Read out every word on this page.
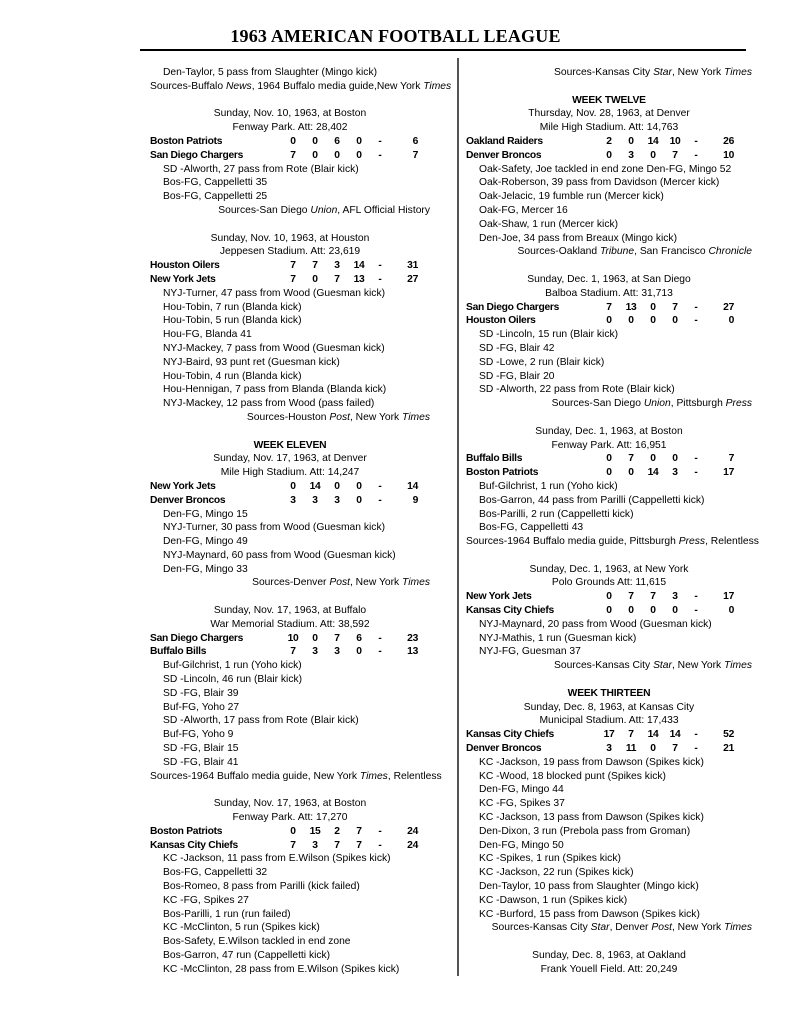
1963 AMERICAN FOOTBALL LEAGUE
Den-Taylor, 5 pass from Slaughter (Mingo kick)
Sources-Buffalo News, 1964 Buffalo media guide,New York Times
Sunday, Nov. 10, 1963, at Boston
Fenway Park. Att: 28,402
Boston Patriots	0	0	6	0	-	6
San Diego Chargers	7	0	0	0	-	7
SD -Alworth, 27 pass from Rote (Blair kick)
Bos-FG, Cappelletti 35
Bos-FG, Cappelletti 25
Sources-San Diego Union, AFL Official History
Sunday, Nov. 10, 1963, at Houston
Jeppesen Stadium. Att: 23,619
Houston Oilers	7	7	3	14	-	31
New York Jets	7	0	7	13	-	27
NYJ-Turner, 47 pass from Wood (Guesman kick)
Hou-Tobin, 7 run (Blanda kick)
Hou-Tobin, 5 run (Blanda kick)
Hou-FG, Blanda 41
NYJ-Mackey, 7 pass from Wood (Guesman kick)
NYJ-Baird, 93 punt ret (Guesman kick)
Hou-Tobin, 4 run (Blanda kick)
Hou-Hennigan, 7 pass from Blanda (Blanda kick)
NYJ-Mackey, 12 pass from Wood (pass failed)
Sources-Houston Post, New York Times
WEEK ELEVEN
Sunday, Nov. 17, 1963, at Denver
Mile High Stadium. Att: 14,247
New York Jets	0	14	0	0	-	14
Denver Broncos	3	3	3	0	-	9
Den-FG, Mingo 15
NYJ-Turner, 30 pass from Wood (Guesman kick)
Den-FG, Mingo 49
NYJ-Maynard, 60 pass from Wood (Guesman kick)
Den-FG, Mingo 33
Sources-Denver Post, New York Times
Sunday, Nov. 17, 1963, at Buffalo
War Memorial Stadium. Att: 38,592
San Diego Chargers	10	0	7	6	-	23
Buffalo Bills	7	3	3	0	-	13
Buf-Gilchrist, 1 run (Yoho kick)
SD -Lincoln, 46 run (Blair kick)
SD -FG, Blair 39
Buf-FG, Yoho 27
SD -Alworth, 17 pass from Rote (Blair kick)
Buf-FG, Yoho 9
SD -FG, Blair 15
SD -FG, Blair 41
Sources-1964 Buffalo media guide, New York Times, Relentless
Sunday, Nov. 17, 1963, at Boston
Fenway Park. Att: 17,270
Boston Patriots	0	15	2	7	-	24
Kansas City Chiefs	7	3	7	7	-	24
KC -Jackson, 11 pass from E.Wilson (Spikes kick)
Bos-FG, Cappelletti 32
Bos-Romeo, 8 pass from Parilli (kick failed)
KC -FG, Spikes 27
Bos-Parilli, 1 run (run failed)
KC -McClinton, 5 run (Spikes kick)
Bos-Safety, E.Wilson tackled in end zone
Bos-Garron, 47 run (Cappelletti kick)
KC -McClinton, 28 pass from E.Wilson (Spikes kick)
Sources-Kansas City Star, New York Times
WEEK TWELVE
Thursday, Nov. 28, 1963, at Denver
Mile High Stadium. Att: 14,763
Oakland Raiders	2	0	14	10	-	26
Denver Broncos	0	3	0	7	-	10
Oak-Safety, Joe tackled in end zone Den-FG, Mingo 52
Oak-Roberson, 39 pass from Davidson (Mercer kick)
Oak-Jelacic, 19 fumble run (Mercer kick)
Oak-FG, Mercer 16
Oak-Shaw, 1 run (Mercer kick)
Den-Joe, 34 pass from Breaux (Mingo kick)
Sources-Oakland Tribune, San Francisco Chronicle
Sunday, Dec. 1, 1963, at San Diego
Balboa Stadium. Att: 31,713
San Diego Chargers	7	13	0	7	-	27
Houston Oilers	0	0	0	0	-	0
SD -Lincoln, 15 run (Blair kick)
SD -FG, Blair 42
SD -Lowe, 2 run (Blair kick)
SD -FG, Blair 20
SD -Alworth, 22 pass from Rote (Blair kick)
Sources-San Diego Union, Pittsburgh Press
Sunday, Dec. 1, 1963, at Boston
Fenway Park. Att: 16,951
Buffalo Bills	0	7	0	0	-	7
Boston Patriots	0	0	14	3	-	17
Buf-Gilchrist, 1 run (Yoho kick)
Bos-Garron, 44 pass from Parilli (Cappelletti kick)
Bos-Parilli, 2 run (Cappelletti kick)
Bos-FG, Cappelletti 43
Sources-1964 Buffalo media guide, Pittsburgh Press, Relentless
Sunday, Dec. 1, 1963, at New York
Polo Grounds Att: 11,615
New York Jets	0	7	7	3	-	17
Kansas City Chiefs	0	0	0	0	-	0
NYJ-Maynard, 20 pass from Wood (Guesman kick)
NYJ-Mathis, 1 run (Guesman kick)
NYJ-FG, Guesman 37
Sources-Kansas City Star, New York Times
WEEK THIRTEEN
Sunday, Dec. 8, 1963, at Kansas City
Municipal Stadium. Att: 17,433
Kansas City Chiefs	17	7	14	14	-	52
Denver Broncos	3	11	0	7	-	21
KC -Jackson, 19 pass from Dawson (Spikes kick)
KC -Wood, 18 blocked punt (Spikes kick)
Den-FG, Mingo 44
KC -FG, Spikes 37
KC -Jackson, 13 pass from Dawson (Spikes kick)
Den-Dixon, 3 run (Prebola pass from Groman)
Den-FG, Mingo 50
KC -Spikes, 1 run (Spikes kick)
KC -Jackson, 22 run (Spikes kick)
Den-Taylor, 10 pass from Slaughter (Mingo kick)
KC -Dawson, 1 run (Spikes kick)
KC -Burford, 15 pass from Dawson (Spikes kick)
Sources-Kansas City Star, Denver Post, New York Times
Sunday, Dec. 8, 1963, at Oakland
Frank Youell Field. Att: 20,249
